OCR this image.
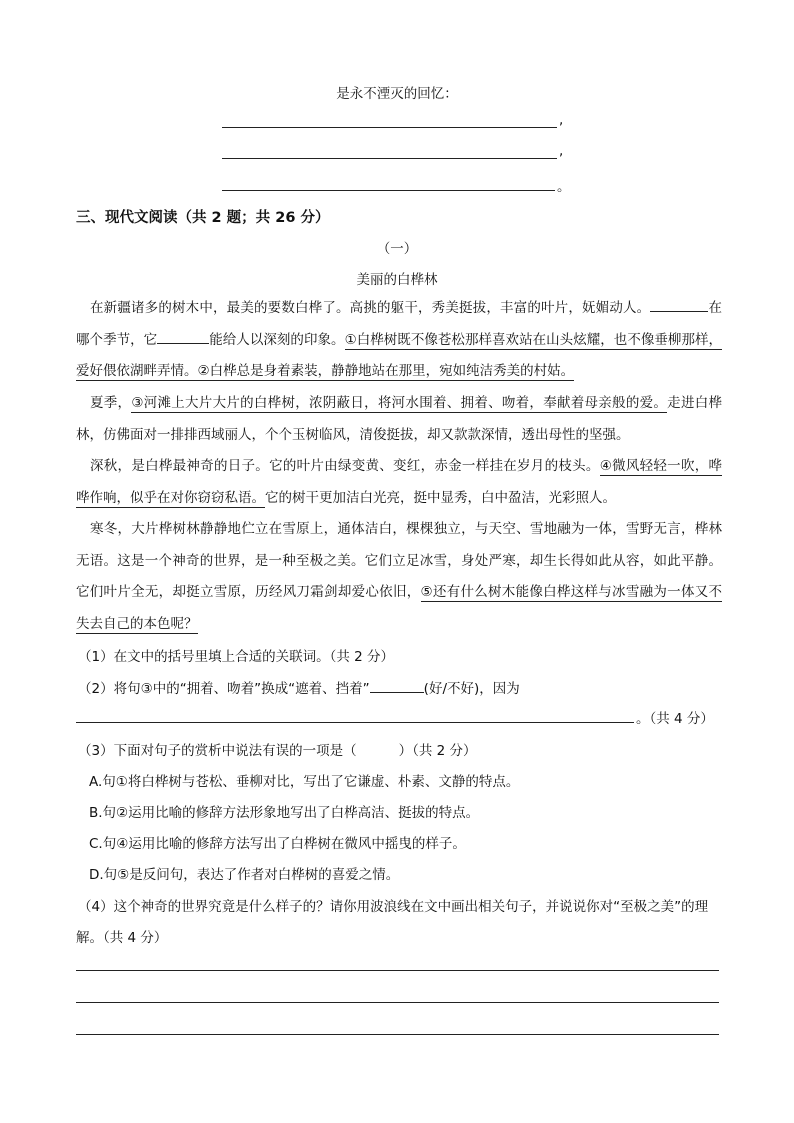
是永不湮灭的回忆：
,
,
。
三、现代文阅读（共 2 题；共 26 分）
（一）
美丽的白桦林
在新疆诸多的树木中，最美的要数白桦了。高挑的躯干，秀美挺拔，丰富的叶片，妩媚动人。	在哪个季节，它	能给人以深刻的印象。①白桦树既不像苍松那样喜欢站在山头炫耀，也不像垂柳那样，爱好偎依湖畔弄情。②白桦总是身着素装，静静地站在那里，宛如纯洁秀美的村姑。
夏季，③河滩上大片大片的白桦树，浓阴蔽日，将河水围着、拥着、吻着，奉献着母亲般的爱。走进白桦林，仿佛面对一排排西域丽人，个个玉树临风，清俊挺拔，却又款款深情，透出母性的坚强。
深秋，是白桦最神奇的日子。它的叶片由绿变黄、变红，赤金一样挂在岁月的枝头。④微风轻轻一吹，哗哗作响，似乎在对你窃窃私语。它的树干更加洁白光亮，挺中显秀，白中盈洁，光彩照人。
寒冬，大片桦树林静静地伫立在雪原上，通体洁白，棵棵独立，与天空、雪地融为一体，雪野无言，桦林无语。这是一个神奇的世界，是一种至极之美。它们立足冰雪，身处严寒，却生长得如此从容，如此平静。它们叶片全无，却挺立雪原，历经风刀霜剑却爱心依旧，⑤还有什么树木能像白桦这样与冰雪融为一体又不失去自己的本色呢？
（1）在文中的括号里填上合适的关联词。（共 2 分）
（2）将句③中的“拥着、吻着”换成“遮着、挡着”	(好/不好)，因为
。（共 4 分）
（3）下面对句子的赏析中说法有误的一项是（	）（共 2 分）
A.句①将白桦树与苍松、垂柳对比，写出了它谦虚、朴素、文静的特点。
B.句②运用比喻的修辞方法形象地写出了白桦高洁、挺拔的特点。
C.句④运用比喻的修辞方法写出了白桦树在微风中摇曳的样子。
D.句⑤是反问句，表达了作者对白桦树的喜爱之情。
（4）这个神奇的世界究竟是什么样子的？请你用波浪线在文中画出相关句子，并说说你对“至极之美”的理
解。（共 4 分）
